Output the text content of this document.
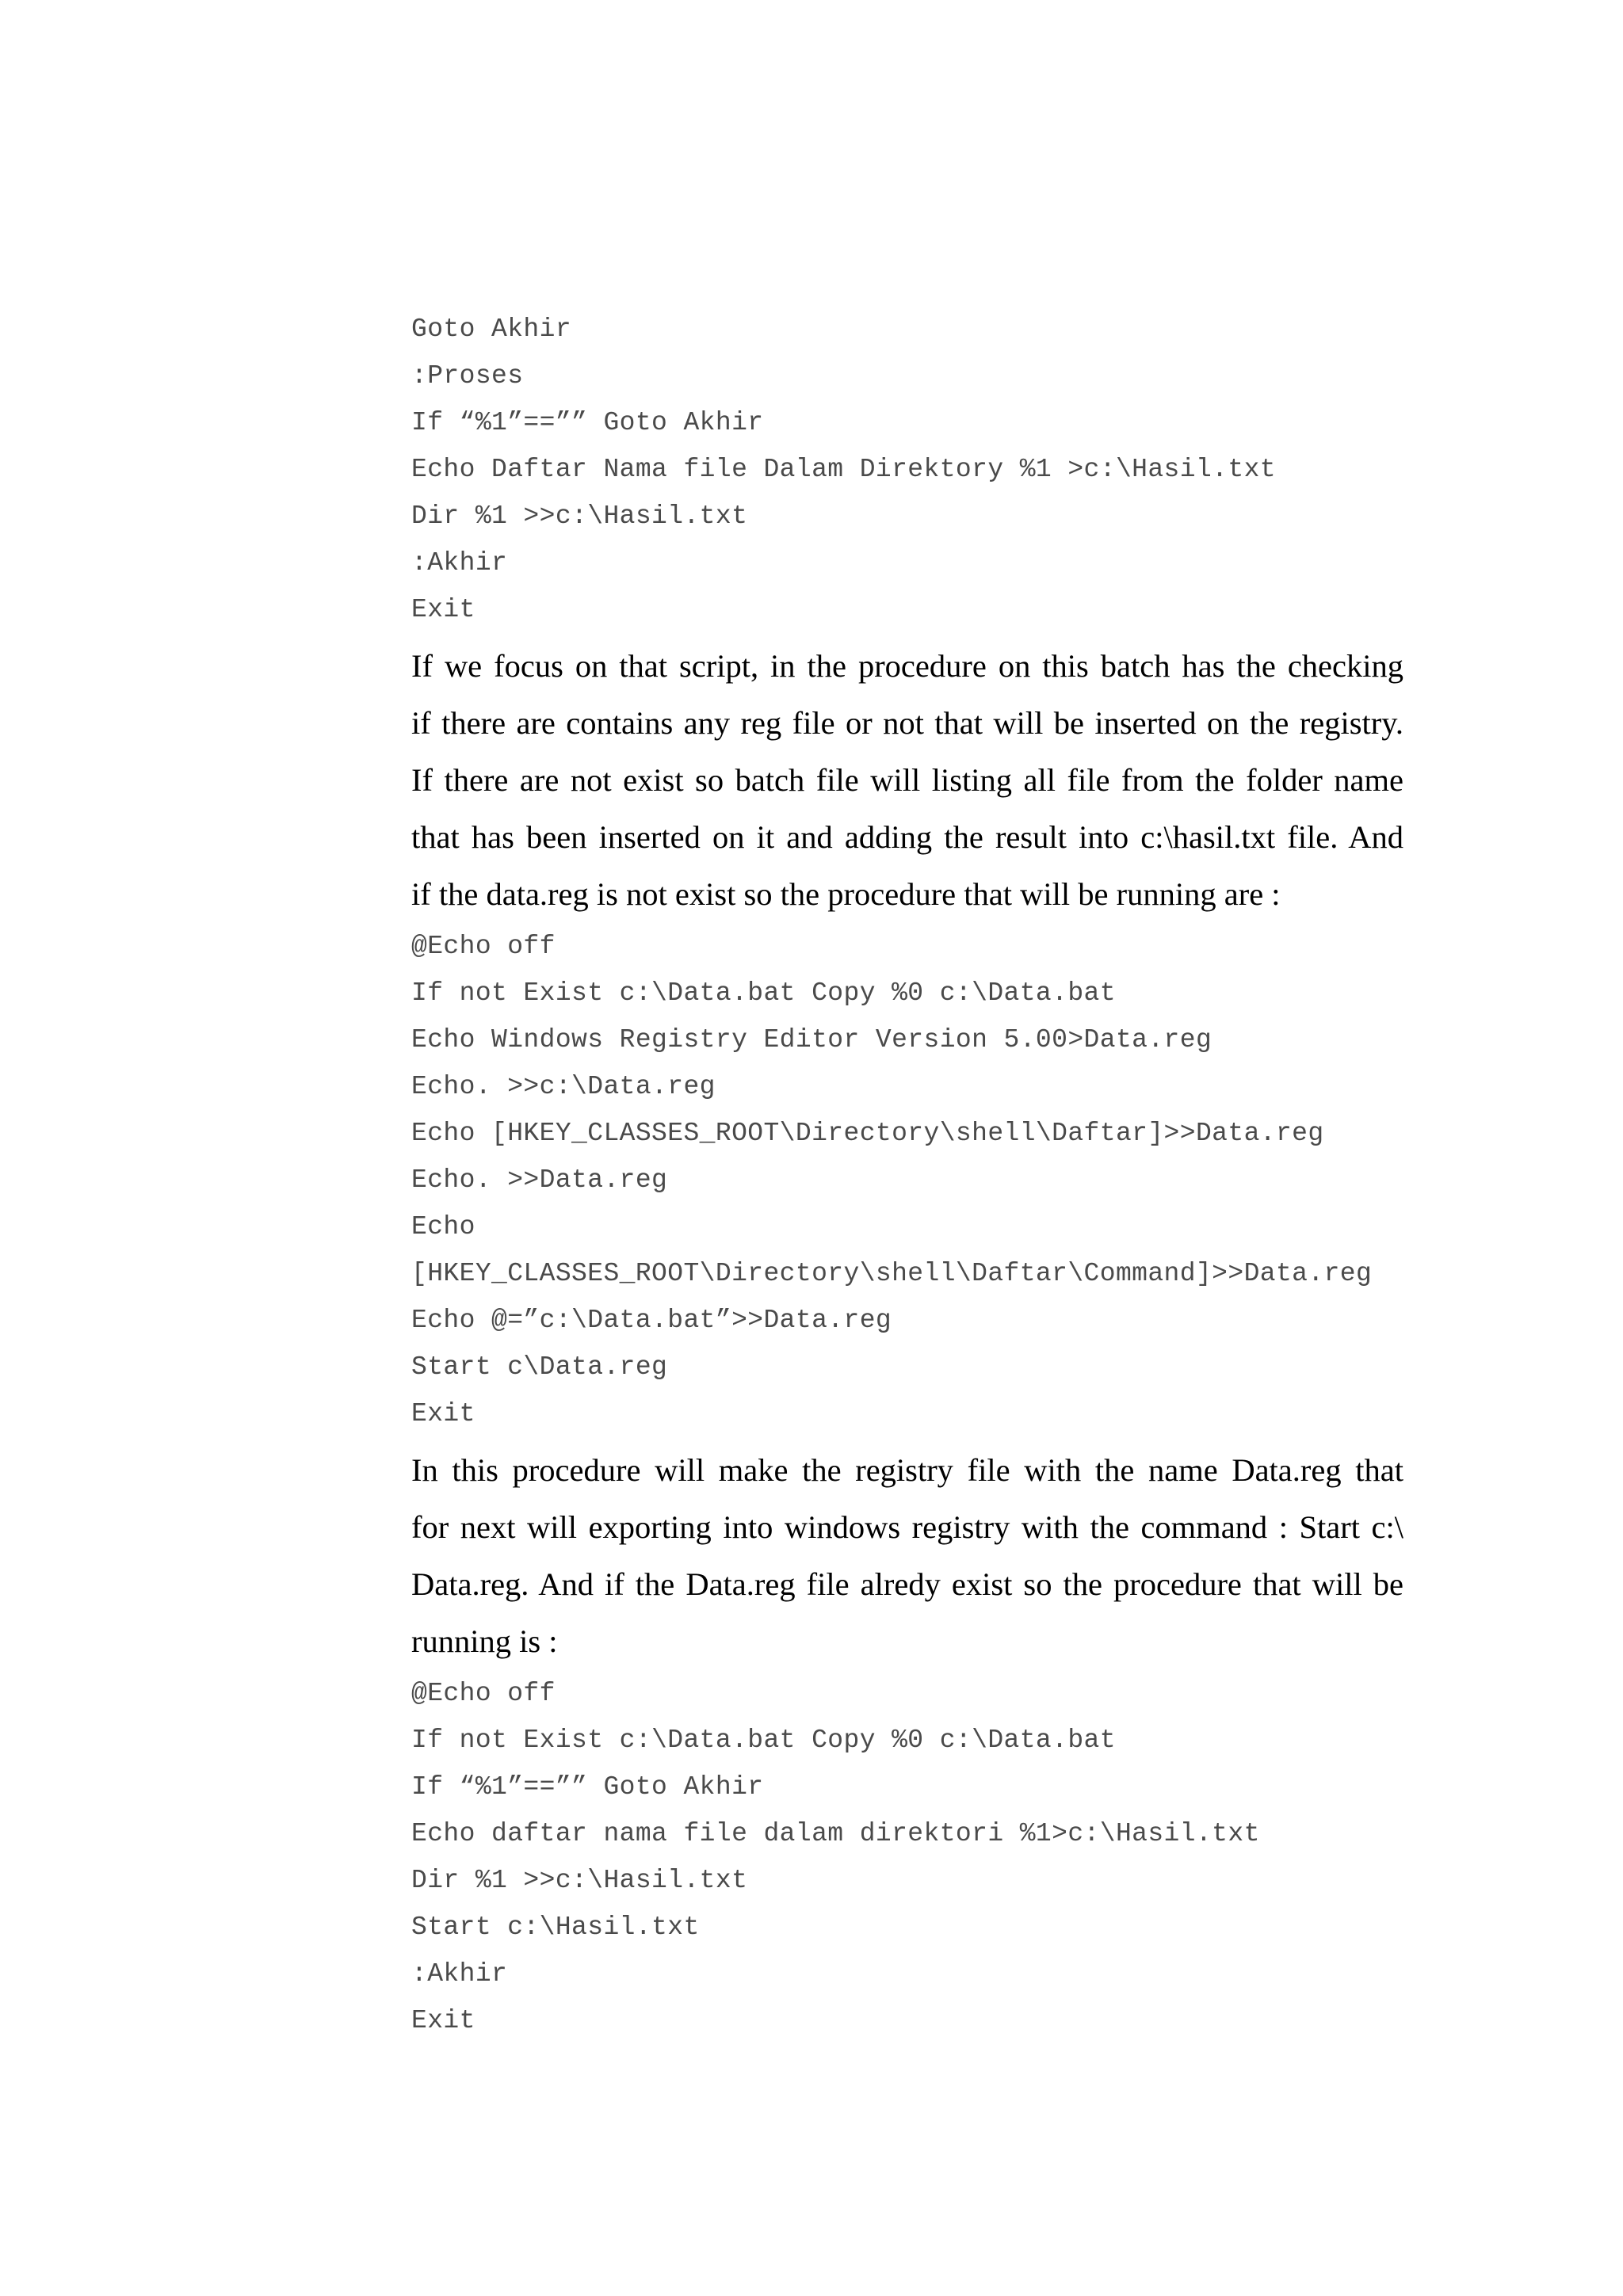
Goto Akhir
:Proses
If “%1”==”” Goto Akhir
Echo Daftar Nama file Dalam Direktory %1 >c:\Hasil.txt
Dir %1 >>c:\Hasil.txt
:Akhir
Exit
If we focus on that script, in the procedure on this batch has the checking
if there are contains any reg file or not that will be inserted on the registry.
If there are not exist so batch file will listing all file from the folder name
that has been inserted on it and adding the result into c:\hasil.txt file. And
if the data.reg is not exist so the procedure that will be running are :
@Echo off
If not Exist c:\Data.bat Copy %0 c:\Data.bat
Echo Windows Registry Editor Version 5.00>Data.reg
Echo. >>c:\Data.reg
Echo [HKEY_CLASSES_ROOT\Directory\shell\Daftar]>>Data.reg
Echo. >>Data.reg
Echo
[HKEY_CLASSES_ROOT\Directory\shell\Daftar\Command]>>Data.reg
Echo @=”c:\Data.bat”>>Data.reg
Start c\Data.reg
Exit
In this procedure will make the registry file with the name Data.reg that
for next will exporting into windows registry with the command : Start c:\
Data.reg. And if the Data.reg file alredy exist so the procedure that will be
running is :
@Echo off
If not Exist c:\Data.bat Copy %0 c:\Data.bat
If “%1”==”” Goto Akhir
Echo daftar nama file dalam direktori %1>c:\Hasil.txt
Dir %1 >>c:\Hasil.txt
Start c:\Hasil.txt
:Akhir
Exit
